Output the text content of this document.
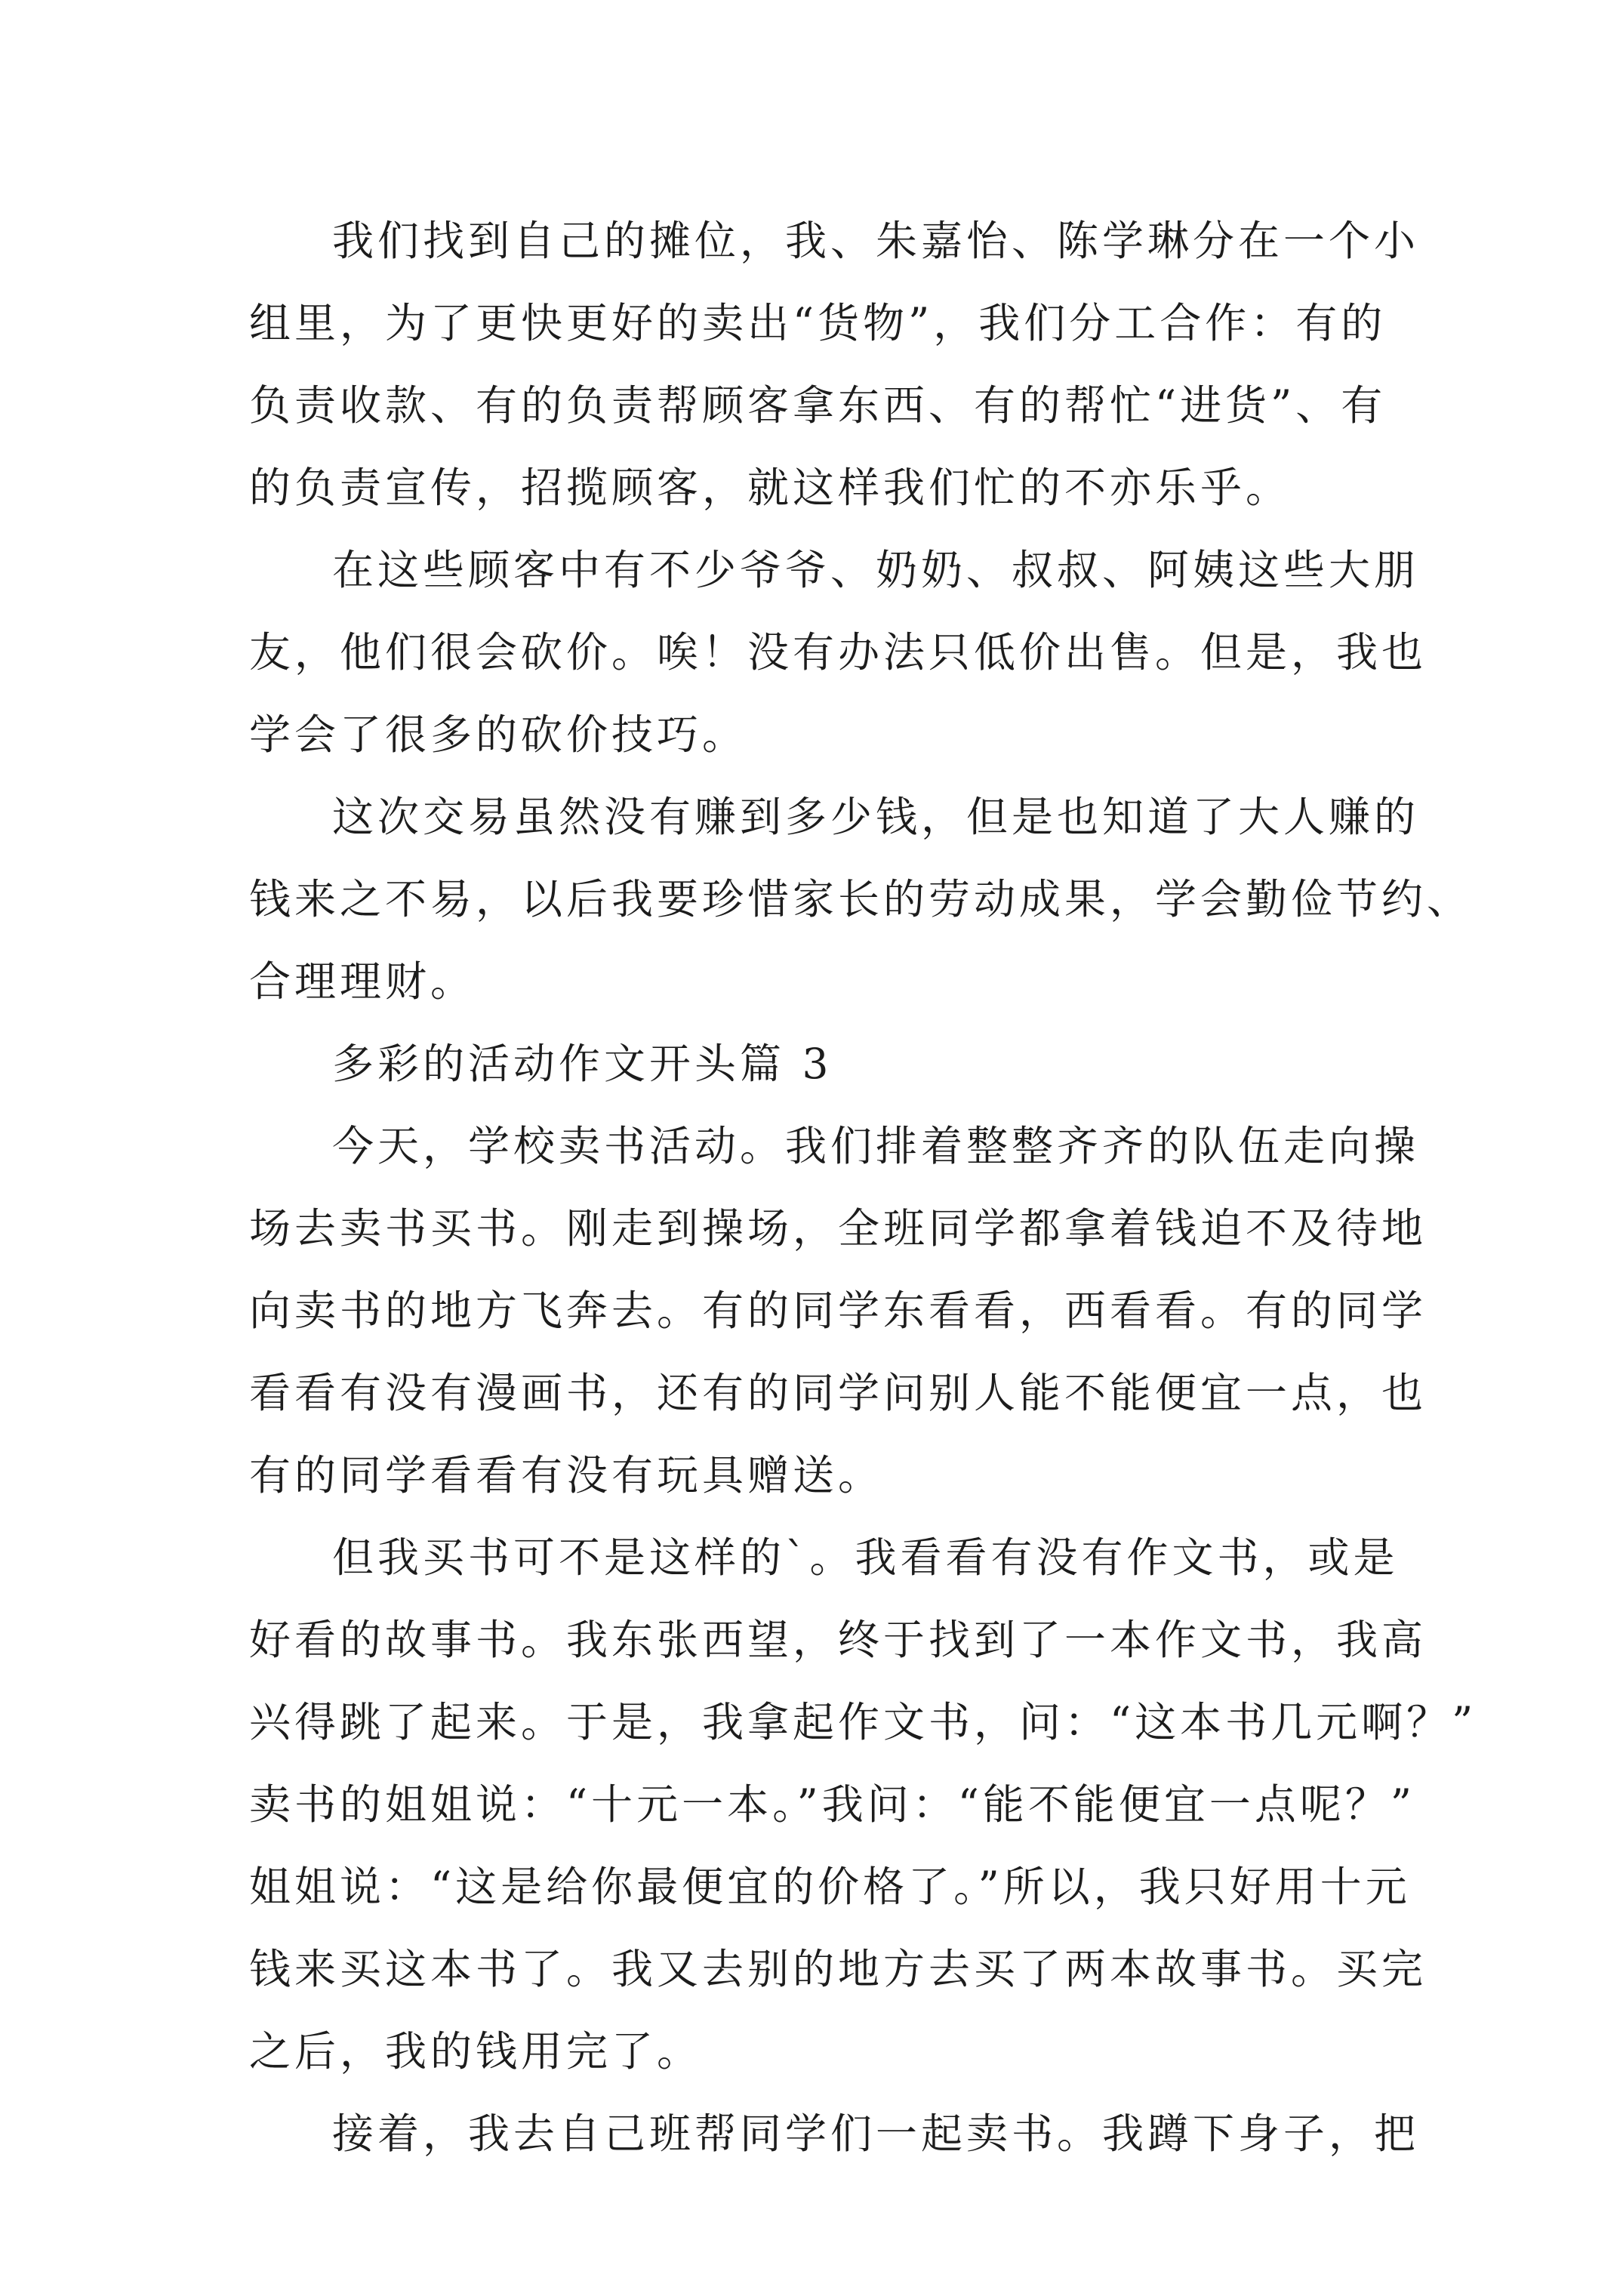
我们找到自己的摊位，我、朱嘉怡、陈学琳分在一个小
组里，为了更快更好的卖出“货物”，我们分工合作：有的
负责收款、有的负责帮顾客拿东西、有的帮忙“进货”、有
的负责宣传，招揽顾客，就这样我们忙的不亦乐乎。
在这些顾客中有不少爷爷、奶奶、叔叔、阿姨这些大朋
友，他们很会砍价。唉！没有办法只低价出售。但是，我也
学会了很多的砍价技巧。
这次交易虽然没有赚到多少钱，但是也知道了大人赚的
钱来之不易，以后我要珍惜家长的劳动成果，学会勤俭节约、
合理理财。
多彩的活动作文开头篇 3
今天，学校卖书活动。我们排着整整齐齐的队伍走向操
场去卖书买书。刚走到操场，全班同学都拿着钱迫不及待地
向卖书的地方飞奔去。有的同学东看看，西看看。有的同学
看看有没有漫画书，还有的同学问别人能不能便宜一点，也
有的同学看看有没有玩具赠送。
但我买书可不是这样的`。我看看有没有作文书，或是
好看的故事书。我东张西望，终于找到了一本作文书，我高
兴得跳了起来。于是，我拿起作文书，问：“这本书几元啊？”
卖书的姐姐说：“十元一本。”我问：“能不能便宜一点呢？”
姐姐说：“这是给你最便宜的价格了。”所以，我只好用十元
钱来买这本书了。我又去别的地方去买了两本故事书。买完
之后，我的钱用完了。
接着，我去自己班帮同学们一起卖书。我蹲下身子，把
